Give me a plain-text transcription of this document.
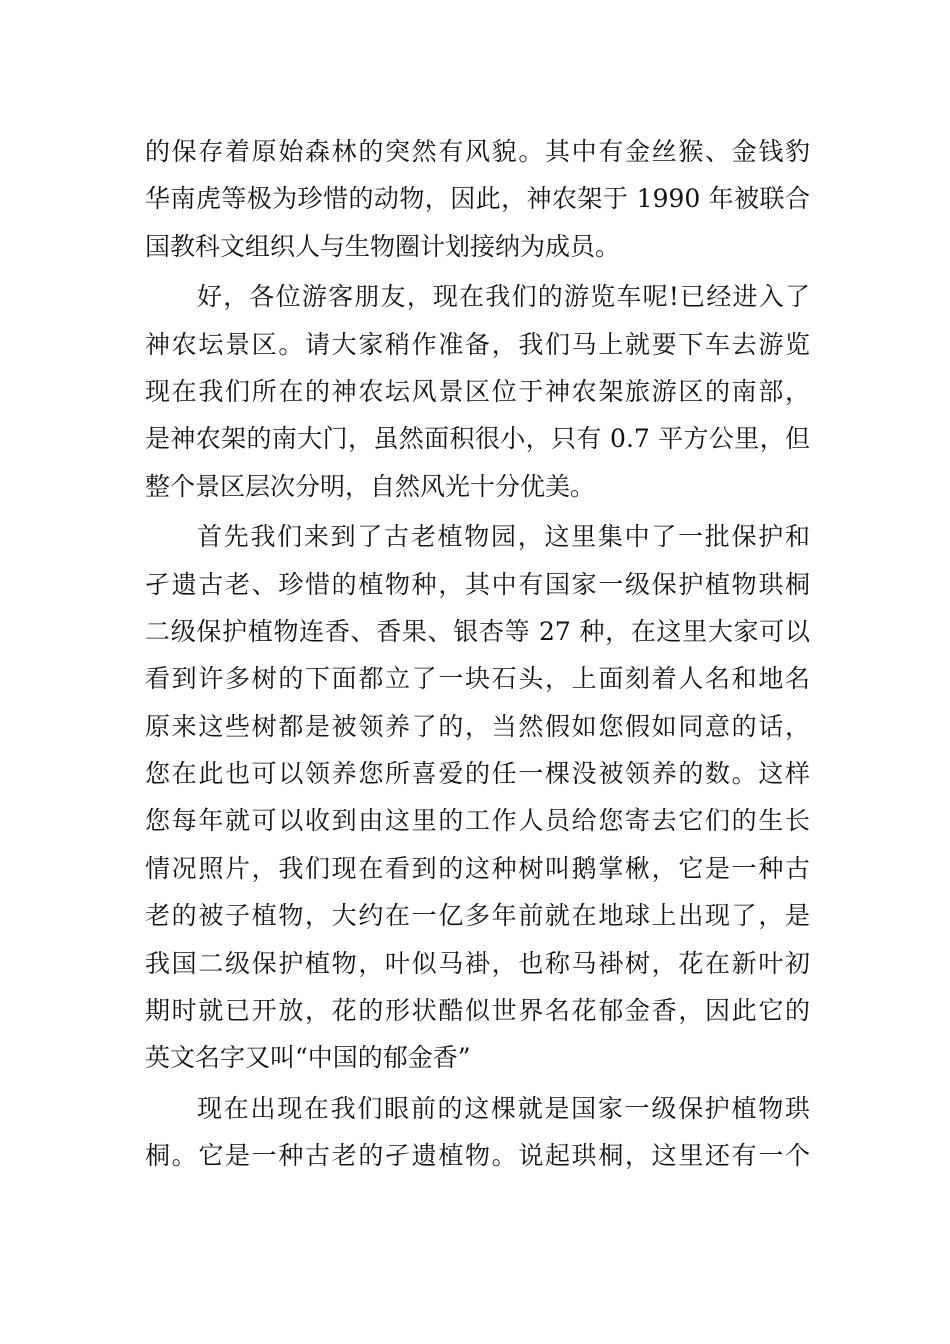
的保存着原始森林的突然有风貌。其中有金丝猴、金钱豹
华南虎等极为珍惜的动物，因此，神农架于 1990 年被联合
国教科文组织人与生物圈计划接纳为成员。
好，各位游客朋友，现在我们的游览车呢!已经进入了
神农坛景区。请大家稍作准备，我们马上就要下车去游览
现在我们所在的神农坛风景区位于神农架旅游区的南部，
是神农架的南大门，虽然面积很小，只有 0.7 平方公里，但
整个景区层次分明，自然风光十分优美。
首先我们来到了古老植物园，这里集中了一批保护和
孑遗古老、珍惜的植物种，其中有国家一级保护植物珙桐
二级保护植物连香、香果、银杏等 27 种，在这里大家可以
看到许多树的下面都立了一块石头，上面刻着人名和地名
原来这些树都是被领养了的，当然假如您假如同意的话，
您在此也可以领养您所喜爱的任一棵没被领养的数。这样
您每年就可以收到由这里的工作人员给您寄去它们的生长
情况照片，我们现在看到的这种树叫鹅掌楸，它是一种古
老的被子植物，大约在一亿多年前就在地球上出现了，是
我国二级保护植物，叶似马褂，也称马褂树，花在新叶初
期时就已开放，花的形状酷似世界名花郁金香，因此它的
英文名字又叫“中国的郁金香”
现在出现在我们眼前的这棵就是国家一级保护植物珙
桐。它是一种古老的孑遗植物。说起珙桐，这里还有一个
